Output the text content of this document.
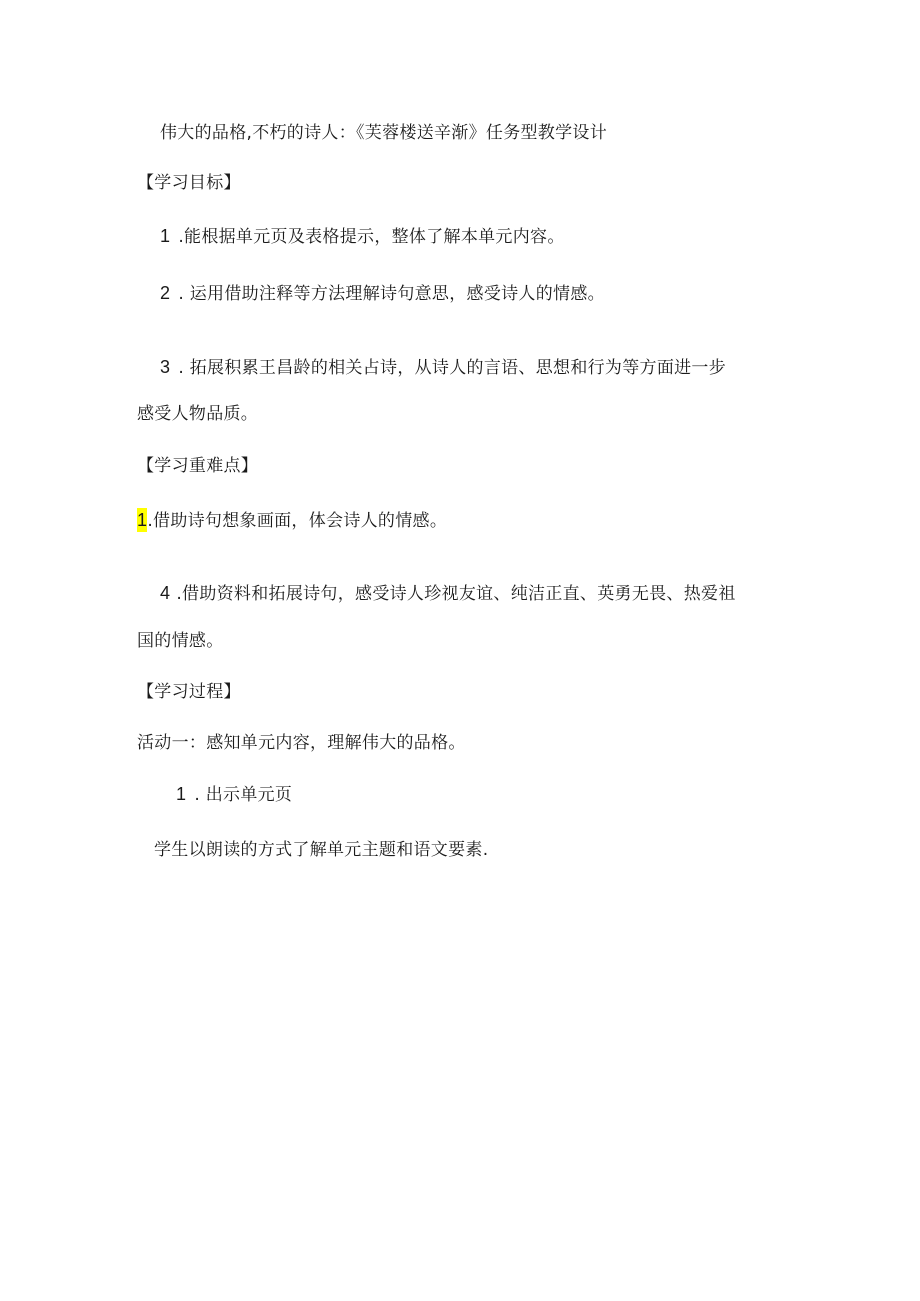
伟大的品格,不朽的诗人：《芙蓉楼送辛渐》任务型教学设计
【学习目标】
1 .能根据单元页及表格提示，整体了解本单元内容。
2 . 运用借助注释等方法理解诗句意思，感受诗人的情感。
3 . 拓展积累王昌龄的相关占诗，从诗人的言语、思想和行为等方面进一步
感受人物品质。
【学习重难点】
1.借助诗句想象画面，体会诗人的情感。
4 .借助资料和拓展诗句，感受诗人珍视友谊、纯洁正直、英勇无畏、热爱祖
国的情感。
【学习过程】
活动一：感知单元内容，理解伟大的品格。
1 . 出示单元页
学生以朗读的方式了解单元主题和语文要素.
